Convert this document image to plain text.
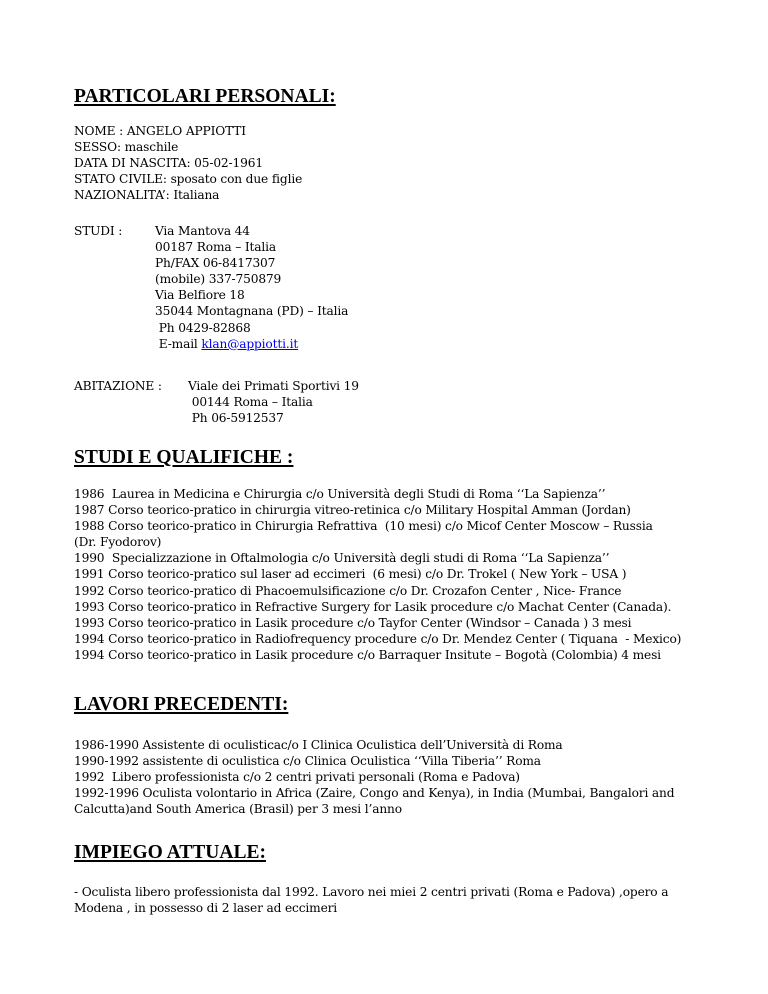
PARTICOLARI PERSONALI:
NOME : ANGELO APPIOTTI
SESSO: maschile
DATA DI NASCITA: 05-02-1961
STATO CIVILE: sposato con due figlie
NAZIONALITA’: Italiana
STUDI :	Via Mantova 44
00187 Roma – Italia
Ph/FAX 06-8417307
(mobile) 337-750879
Via Belfiore 18
35044 Montagnana (PD) – Italia
Ph 0429-82868
E-mail klan@appiotti.it
ABITAZIONE : Viale dei Primati Sportivi 19
00144 Roma – Italia
Ph 06-5912537
STUDI E QUALIFICHE :
1986  Laurea in Medicina e Chirurgia c/o Università degli Studi di Roma ‘‘La Sapienza’’
1987 Corso teorico-pratico in chirurgia vitreo-retinica c/o Military Hospital Amman (Jordan)
1988 Corso teorico-pratico in Chirurgia Refrattiva  (10 mesi) c/o Micof Center Moscow – Russia
(Dr. Fyodorov)
1990  Specializzazione in Oftalmologia c/o Università degli studi di Roma ‘‘La Sapienza’’
1991 Corso teorico-pratico sul laser ad eccimeri  (6 mesi) c/o Dr. Trokel ( New York – USA )
1992 Corso teorico-pratico di Phacoemulsificazione c/o Dr. Crozafon Center , Nice- France
1993 Corso teorico-pratico in Refractive Surgery for Lasik procedure c/o Machat Center (Canada).
1993 Corso teorico-pratico in Lasik procedure c/o Tayfor Center (Windsor – Canada ) 3 mesi
1994 Corso teorico-pratico in Radiofrequency procedure c/o Dr. Mendez Center ( Tiquana  - Mexico)
1994 Corso teorico-pratico in Lasik procedure c/o Barraquer Insitute – Bogotà (Colombia) 4 mesi
LAVORI PRECEDENTI:
1986-1990 Assistente di oculisticac/o I Clinica Oculistica dell’Università di Roma
1990-1992 assistente di oculistica c/o Clinica Oculistica ‘‘Villa Tiberia’’ Roma
1992  Libero professionista c/o 2 centri privati personali (Roma e Padova)
1992-1996 Oculista volontario in Africa (Zaire, Congo and Kenya), in India (Mumbai, Bangalori and
Calcutta)and South America (Brasil) per 3 mesi l’anno
IMPIEGO ATTUALE:
- Oculista libero professionista dal 1992. Lavoro nei miei 2 centri privati (Roma e Padova) ,opero a
Modena , in possesso di 2 laser ad eccimeri
